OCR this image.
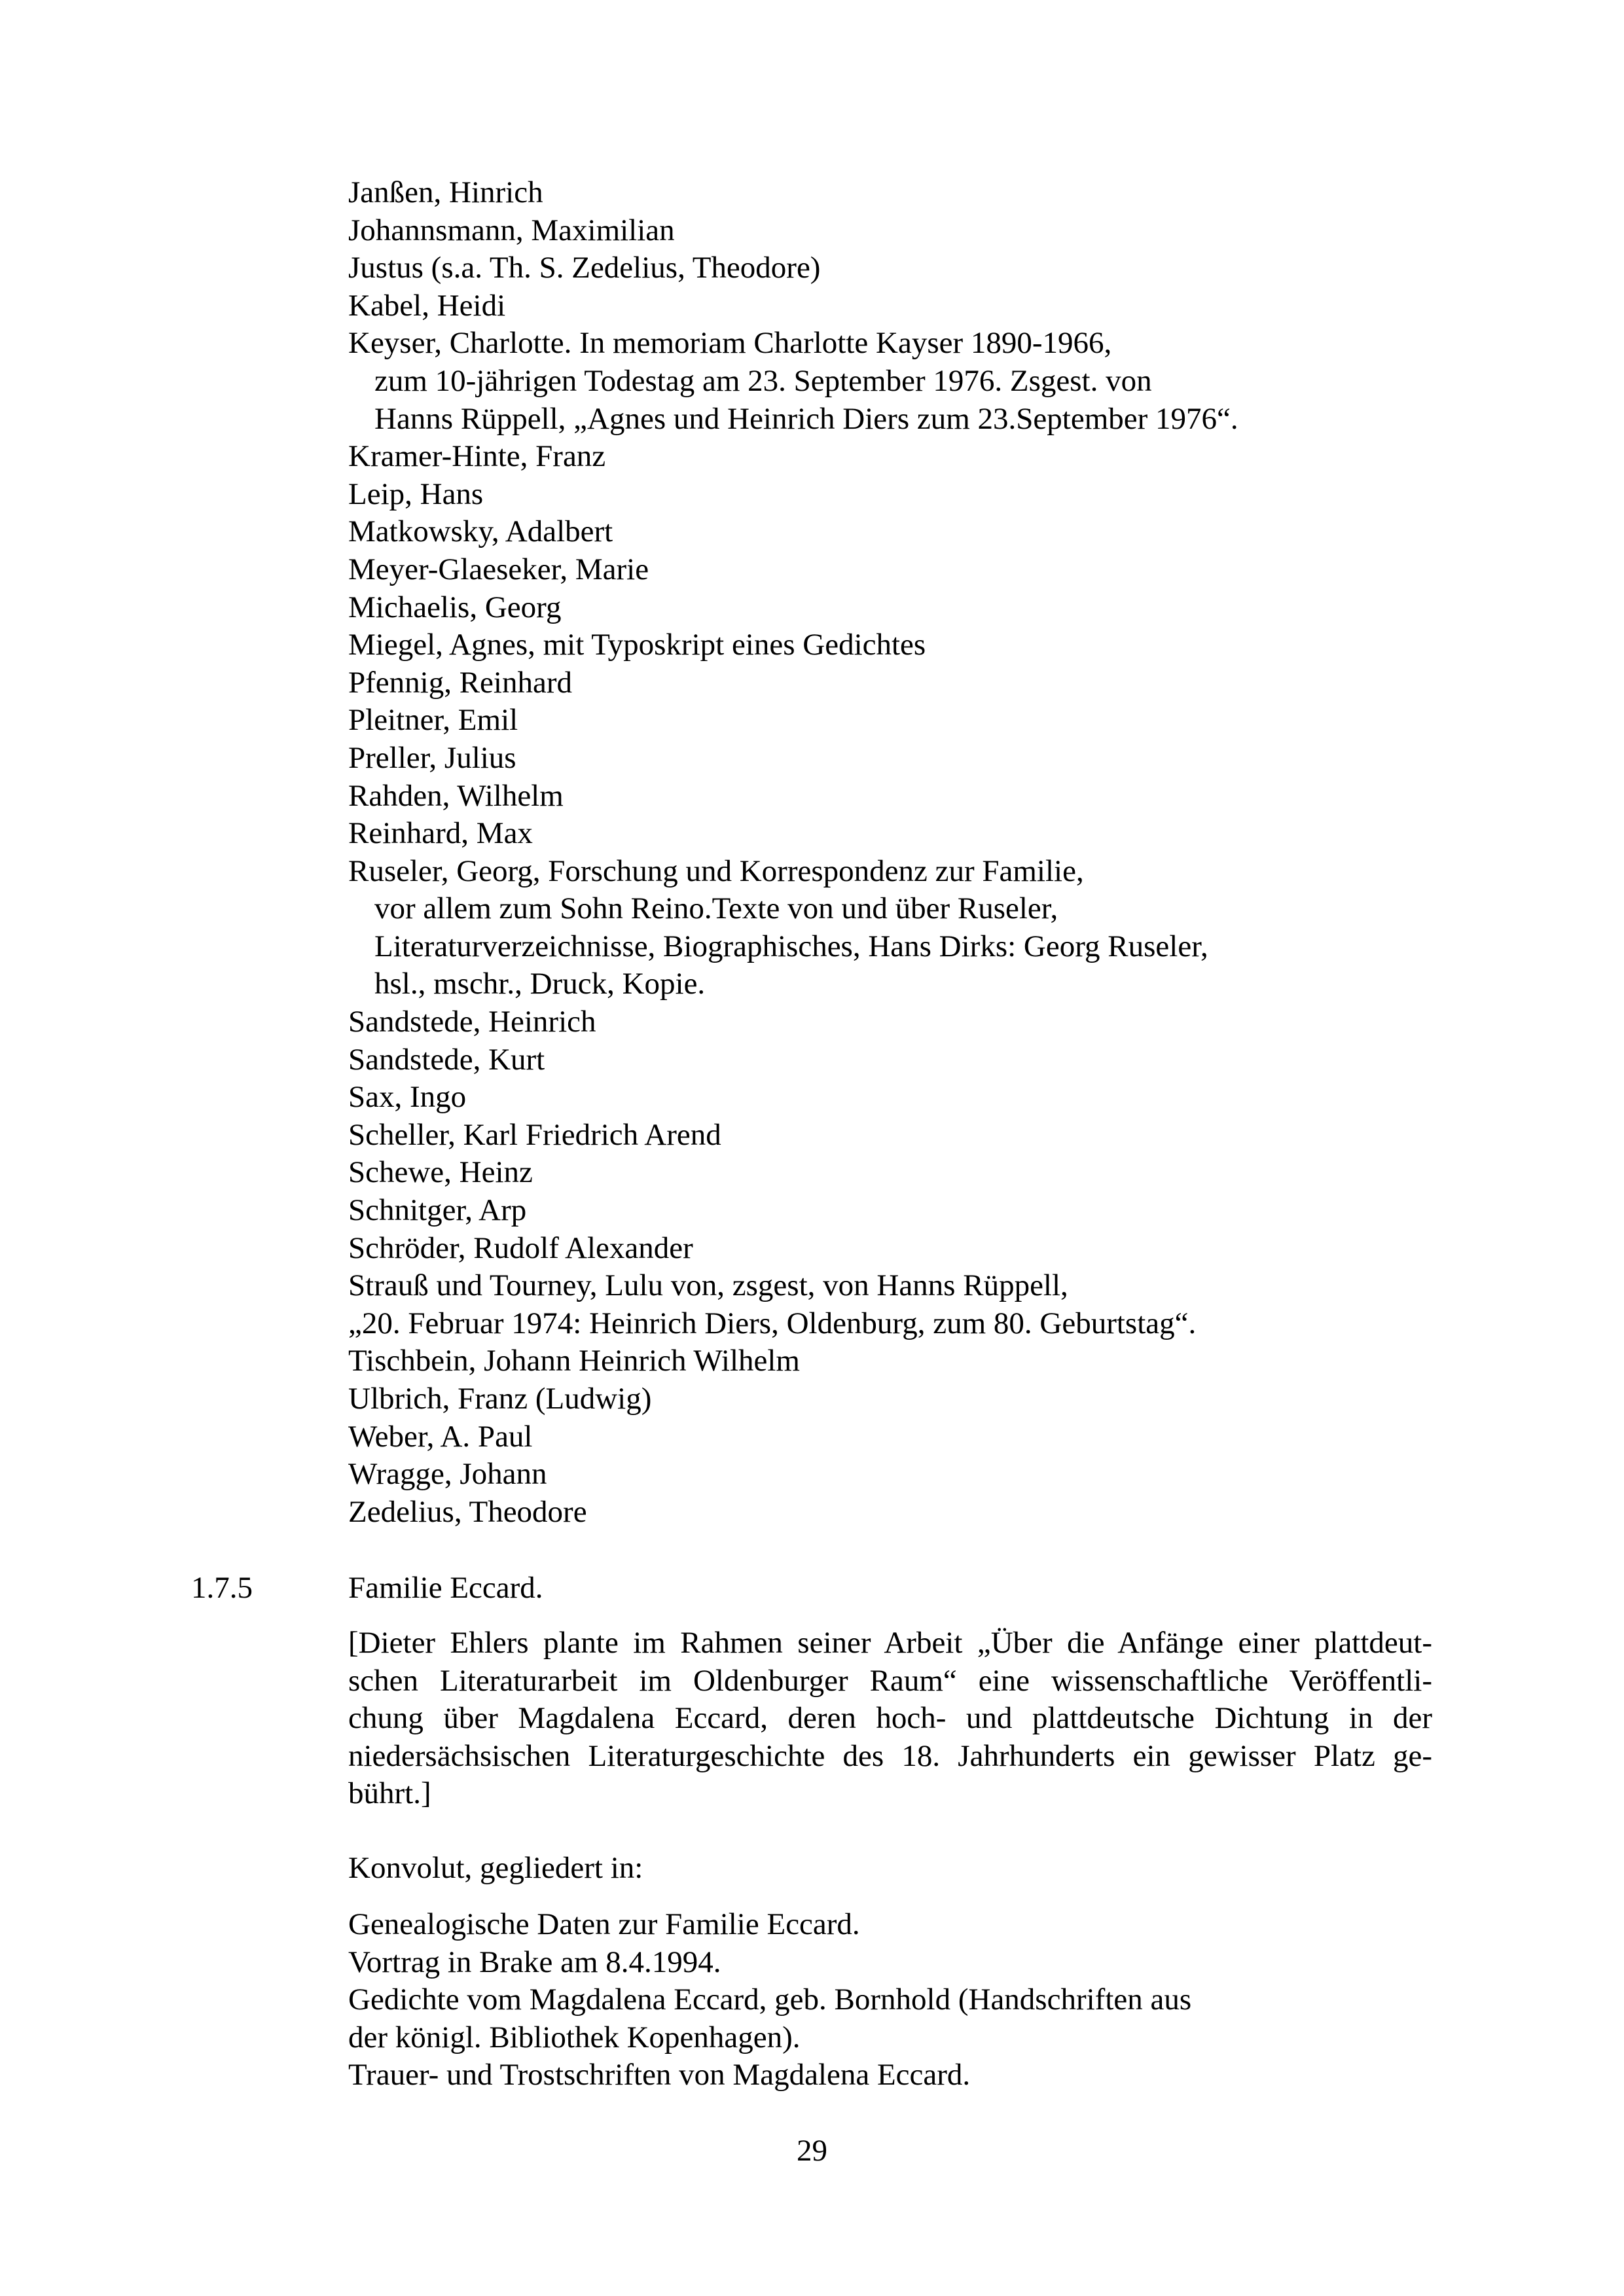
Janßen, Hinrich
Johannsmann, Maximilian
Justus (s.a. Th. S. Zedelius, Theodore)
Kabel, Heidi
Keyser, Charlotte. In memoriam Charlotte Kayser 1890-1966,
zum 10-jährigen Todestag am 23. September 1976. Zsgest. von
Hanns Rüppell, „Agnes und Heinrich Diers zum 23.September 1976“.
Kramer-Hinte, Franz
Leip, Hans
Matkowsky, Adalbert
Meyer-Glaeseker, Marie
Michaelis, Georg
Miegel, Agnes, mit Typoskript eines Gedichtes
Pfennig, Reinhard
Pleitner, Emil
Preller, Julius
Rahden, Wilhelm
Reinhard, Max
Ruseler, Georg, Forschung und Korrespondenz zur Familie,
vor allem zum Sohn Reino.Texte von und über Ruseler,
Literaturverzeichnisse, Biographisches, Hans Dirks: Georg Ruseler,
hsl., mschr., Druck, Kopie.
Sandstede, Heinrich
Sandstede, Kurt
Sax, Ingo
Scheller, Karl Friedrich Arend
Schewe, Heinz
Schnitger, Arp
Schröder, Rudolf Alexander
Strauß und Tourney, Lulu von, zsgest, von Hanns Rüppell,
„20. Februar 1974: Heinrich Diers, Oldenburg, zum 80. Geburtstag“.
Tischbein, Johann Heinrich Wilhelm
Ulbrich, Franz (Ludwig)
Weber, A. Paul
Wragge, Johann
Zedelius, Theodore
1.7.5	Familie Eccard.

[Dieter Ehlers plante im Rahmen seiner Arbeit „Über die Anfänge einer plattdeut-
schen Literaturarbeit im Oldenburger Raum“ eine wissenschaftliche Veröffentli-
chung über Magdalena Eccard, deren hoch- und plattdeutsche Dichtung in der
niedersächsischen Literaturgeschichte des 18. Jahrhunderts ein gewisser Platz ge-
bührt.]

Konvolut, gegliedert in:
Genealogische Daten zur Familie Eccard.
Vortrag in Brake am 8.4.1994.
Gedichte vom Magdalena Eccard, geb. Bornhold (Handschriften aus
der königl. Bibliothek Kopenhagen).
Trauer- und Trostschriften von Magdalena Eccard.
29
